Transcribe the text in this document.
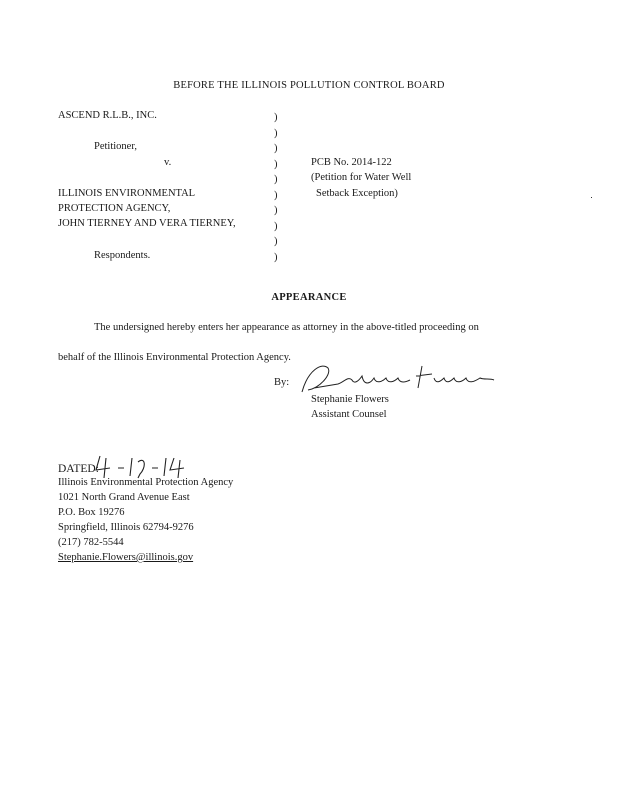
BEFORE THE ILLINOIS POLLUTION CONTROL BOARD
ASCEND R.L.B., INC.
Petitioner,
v.
ILLINOIS ENVIRONMENTAL
PROTECTION AGENCY,
JOHN TIERNEY AND VERA TIERNEY,
Respondents.
)
)
)
)
)
)
)
)
)
)
PCB No. 2014-122
(Petition for Water Well
Setback Exception)
APPEARANCE
The undersigned hereby enters her appearance as attorney in the above-titled proceeding on
behalf of the Illinois Environmental Protection Agency.
By:
Stephanie Flowers
Assistant Counsel
DATED:
Illinois Environmental Protection Agency
1021 North Grand Avenue East
P.O. Box 19276
Springfield, Illinois 62794-9276
(217) 782-5544
Stephanie.Flowers@illinois.gov
